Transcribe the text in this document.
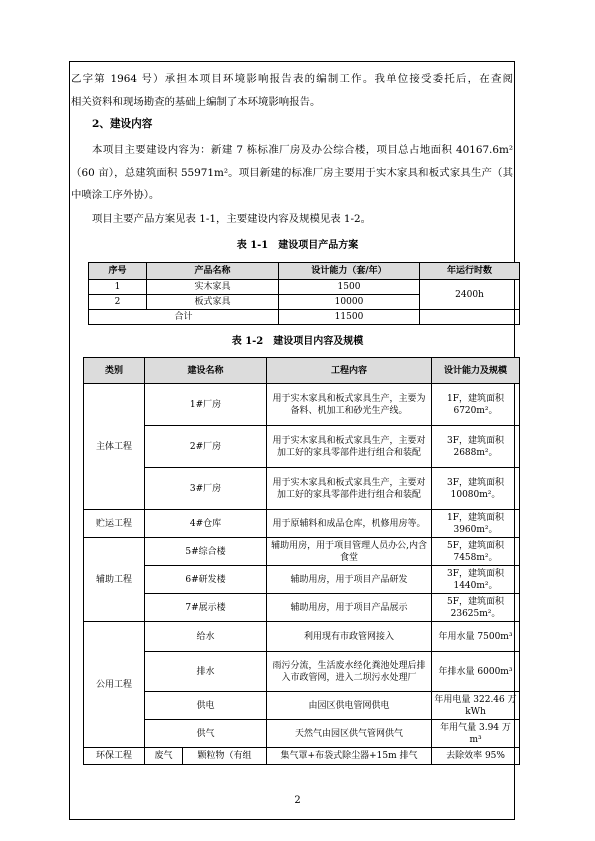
乙字第 1964 号）承担本项目环境影响报告表的编制工作。我单位接受委托后，在查阅

相关资料和现场勘查的基础上编制了本环境影响报告。

2、建设内容

本项目主要建设内容为：新建 7 栋标准厂房及办公综合楼，项目总占地面积 40167.6m²（60 亩），总建筑面积 55971m²。项目新建的标准厂房主要用于实木家具和板式家具生产（其中喷涂工序外协）。

项目主要产品方案见表 1-1，主要建设内容及规模见表 1-2。

表 1-1　建设项目产品方案
序号	产品名称	设计能力（套/年）	年运行时数
1	实木家具	1500	2400h
2	板式家具	10000	
合计		11500	
表 1-2　建设项目内容及规模
类别	建设名称		工程内容	设计能力及规模
主体工程	1#厂房		用于实木家具和板式家具生产，主要为备料、机加工和砂光生产线。	1F，建筑面积 6720m²。
	2#厂房		用于实木家具和板式家具生产，主要对加工好的家具零部件进行组合和装配	3F，建筑面积 2688m²。
	3#厂房		用于实木家具和板式家具生产，主要对加工好的家具零部件进行组合和装配	3F，建筑面积 10080m²。
贮运工程	4#仓库		用于原辅料和成品仓库，机修用房等。	1F，建筑面积 3960m²。
辅助工程	5#综合楼		辅助用房，用于项目管理人员办公,内含食堂	5F，建筑面积 7458m²。
	6#研发楼		辅助用房，用于项目产品研发	3F，建筑面积 1440m²。
	7#展示楼		辅助用房，用于项目产品展示	5F，建筑面积 23625m²。
公用工程	给水		利用现有市政管网接入	年用水量 7500m³
	排水		雨污分流，生活废水经化粪池处理后排入市政管网，进入二坝污水处理厂	年排水量 6000m³
	供电		由园区供电管网供电	年用电量 322.46 万 kWh
	供气		天然气由园区供气管网供气	年用气量 3.94 万 m³
环保工程	废气	颗粒物（有组	集气罩+布袋式除尘器+15m 排气	去除效率 95%
2
